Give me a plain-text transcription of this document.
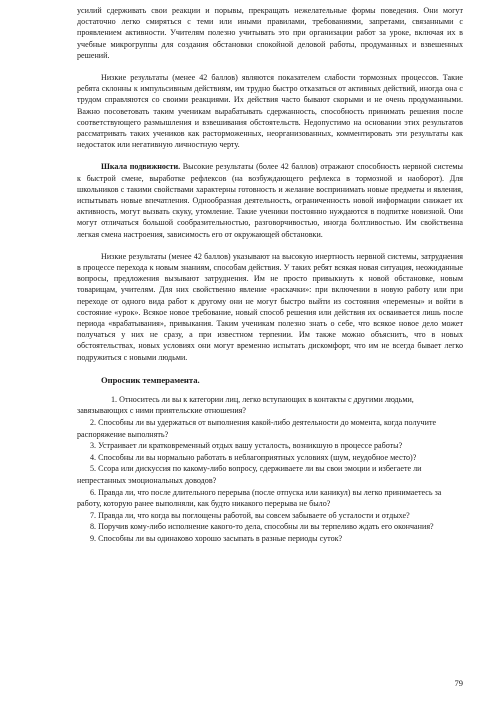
усилий сдерживать свои реакции и порывы, прекращать нежелательные формы поведения. Они могут достаточно легко смиряться с теми или иными правилами, требованиями, запретами, связанными с проявлением активности. Учителям полезно учитывать это при организации работ за уроке, включая их в учебные микрогруппы для создания обстановки спокойной деловой работы, продуманных и взвешенных решений.

Низкие результаты (менее 42 баллов) являются показателем слабости тормозных процессов. Такие ребята склонны к импульсивным действиям, им трудно быстро отказаться от активных действий, иногда она с трудом справляются со своими реакциями. Их действия часто бывают скорыми и не очень продуманными. Важно посоветовать таким ученикам вырабатывать сдержанность, способность принимать решения после соответствующего размышления и взвешивания обстоятельств. Недопустимо на основании этих результатов рассматривать таких учеников как расторможенных, неорганизованных, комментировать эти результаты как недостаток или негативную личностную черту.

Шкала подвижности. Высокие результаты (более 42 баллов) отражают способность нервной системы к быстрой смене, выработке рефлексов (на возбуждающего рефлекса в тормозной и наоборот). Для школьников с такими свойствами характерны готовность и желание воспринимать новые предметы и явления, испытывать новые впечатления. Однообразная деятельность, ограниченность новой информации снижает их активность, могут вызвать скуку, утомление. Такие ученики постоянно нуждаются в подпитке новизной. Они могут отличаться большой сообразительностью, разговорчивостью, иногда болтливостью. Им свойственна легкая смена настроения, зависимость его от окружающей обстановки.

Низкие результаты (менее 42 баллов) указывают на высокую инертность нервной системы, затруднения в процессе перехода к новым знаниям, способам действия. У таких ребят всякая новая ситуация, неожиданные вопросы, предложения вызывают затруднения. Им не просто привыкнуть к новой обстановке, новым товарищам, учителям. Для них свойственно явление «раскачки»: при включении в новую работу или при переходе от одного вида работ к другому они не могут быстро выйти из состояния «перемены» и войти в состояние «урок». Всякое новое требование, новый способ решения или действия их осваивается лишь после периода «врабатывания», привыкания. Таким ученикам полезно знать о себе, что всякое новое дело может получаться у них не сразу, а при известном терпении. Им также можно объяснить, что в новых обстоятельствах, новых условиях они могут временно испытать дискомфорт, что им не всегда бывает легко подружиться с новыми людьми.

Опросник темперамента.

1. Относитесь ли вы к категории лиц, легко вступающих в контакты с другими людьми, завязывающих с ними приятельские отношения?

2. Способны ли вы удержаться от выполнения какой-либо деятельности до момента, когда получите распоряжение выполнять?

3. Устраивает ли кратковременный отдых вашу усталость, возникшую в процессе работы?

4. Способны ли вы нормально работать в неблагоприятных условиях (шум, неудобное место)?

5. Ссора или дискуссия по какому-либо вопросу, сдерживаете ли вы свои эмоции и избегаете ли непрестанных эмоциональных доводов?

6. Правда ли, что после длительного перерыва (после отпуска или каникул) вы легко принимаетесь за работу, которую ранее выполняли, как будто никакого перерыва не было?

7. Правда ли, что когда вы поглощены работой, вы совсем забываете об усталости и отдыхе?

8. Поручив кому-либо исполнение какого-то дела, способны ли вы терпеливо ждать его окончания?

9. Способны ли вы одинаково хорошо засыпать в разные периоды суток?

79
